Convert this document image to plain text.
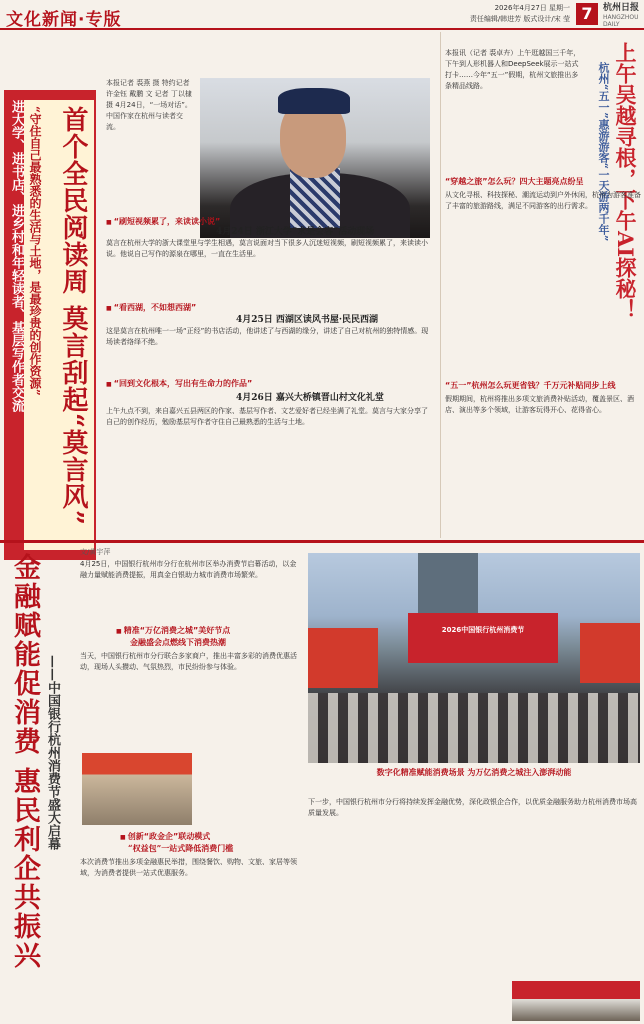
文化新闻·专版
2026年4月27日 星期一
责任编辑/韩进芳 版式设计/宋 莹 7	杭州日报
HANGZHOU DAILY
进大学、进书店、进乡村和年轻读者、基层写作者交流 首个全民阅读周 莫言刮起“莫言风”
“守住自己最熟悉的生活与土地，是最珍贵的创作资源”
本报记者 裘燕 摄 特约记者 许金钰 戴鹏 文 记者 丁以棣 摄 4月24日，“一场对话”。中国作家在杭州与读者交流。
■ “刷短视频累了，来读读小说”
4月24日 浙江大学“求是会客”活动现场
莫言在杭州大学的浙大课堂里与学生相遇，莫言说面对当下很多人沉迷短视频，刷短视频累了，来读读小说。他说自己写作的源泉在哪里，一直在生活里。
■ “看西湖，不如想西湖”
4月25日 西湖区读风书屋·民民西湖
这是莫言在杭州唯一一场“正经”的书店活动，他讲述了与西湖的缘分，讲述了自己对杭州的独特情感。现场读者络绎不绝。
■ “回到文化根本，写出有生命力的作品”
4月26日 嘉兴大桥镇晋山村文化礼堂
上午九点不到，来自嘉兴五县两区的作家、基层写作者、文艺爱好者已经坐满了礼堂。莫言与大家分享了自己的创作经历，勉励基层写作者守住自己最熟悉的生活与土地。
上午吴越寻根，下午AI探秘！
杭州“五一”惠游游客“一天游两千年”
本报讯（记者 裘卓卉）上午逛越国三千年，下午到人形机器人和DeepSeek展示一站式打卡……今年“五一”假期，杭州文旅推出多条精品线路。
“穿越之旅”怎么玩？四大主题亮点纷呈
从文化寻根、科技探秘、潮流运动到户外休闲，杭州为游客准备了丰富的旅游路线，满足不同游客的出行需求。
“五一”杭州怎么玩更省钱？千万元补贴同步上线
假期期间，杭州将推出多项文旅消费补贴活动，覆盖景区、酒店、演出等多个领域，让游客玩得开心、花得省心。
金融赋能促消费 惠民利企共振兴 ——中国银行杭州消费节盛大启幕
文/黄宇萍
4月25日，中国银行杭州市分行在杭州市区举办消费节启幕活动，以金融力量赋能消费提振，用真金白银助力城市消费市场繁荣。
■ 精准“万亿消费之城”美好节点
金融盛会点燃线下消费热潮
当天，中国银行杭州市分行联合多家商户，推出丰富多彩的消费优惠活动，现场人头攒动、气氛热烈，市民纷纷参与体验。
■ 创新“政金企”联动模式
“权益包”一站式降低消费门槛
本次消费节推出多项金融惠民举措，围绕餐饮、购物、文旅、家居等领域，为消费者提供一站式优惠服务。
2026中国银行杭州消费节
数字化精准赋能消费场景 为万亿消费之城注入澎湃动能
下一步，中国银行杭州市分行将持续发挥金融优势，深化政银企合作，以优质金融服务助力杭州消费市场高质量发展。
